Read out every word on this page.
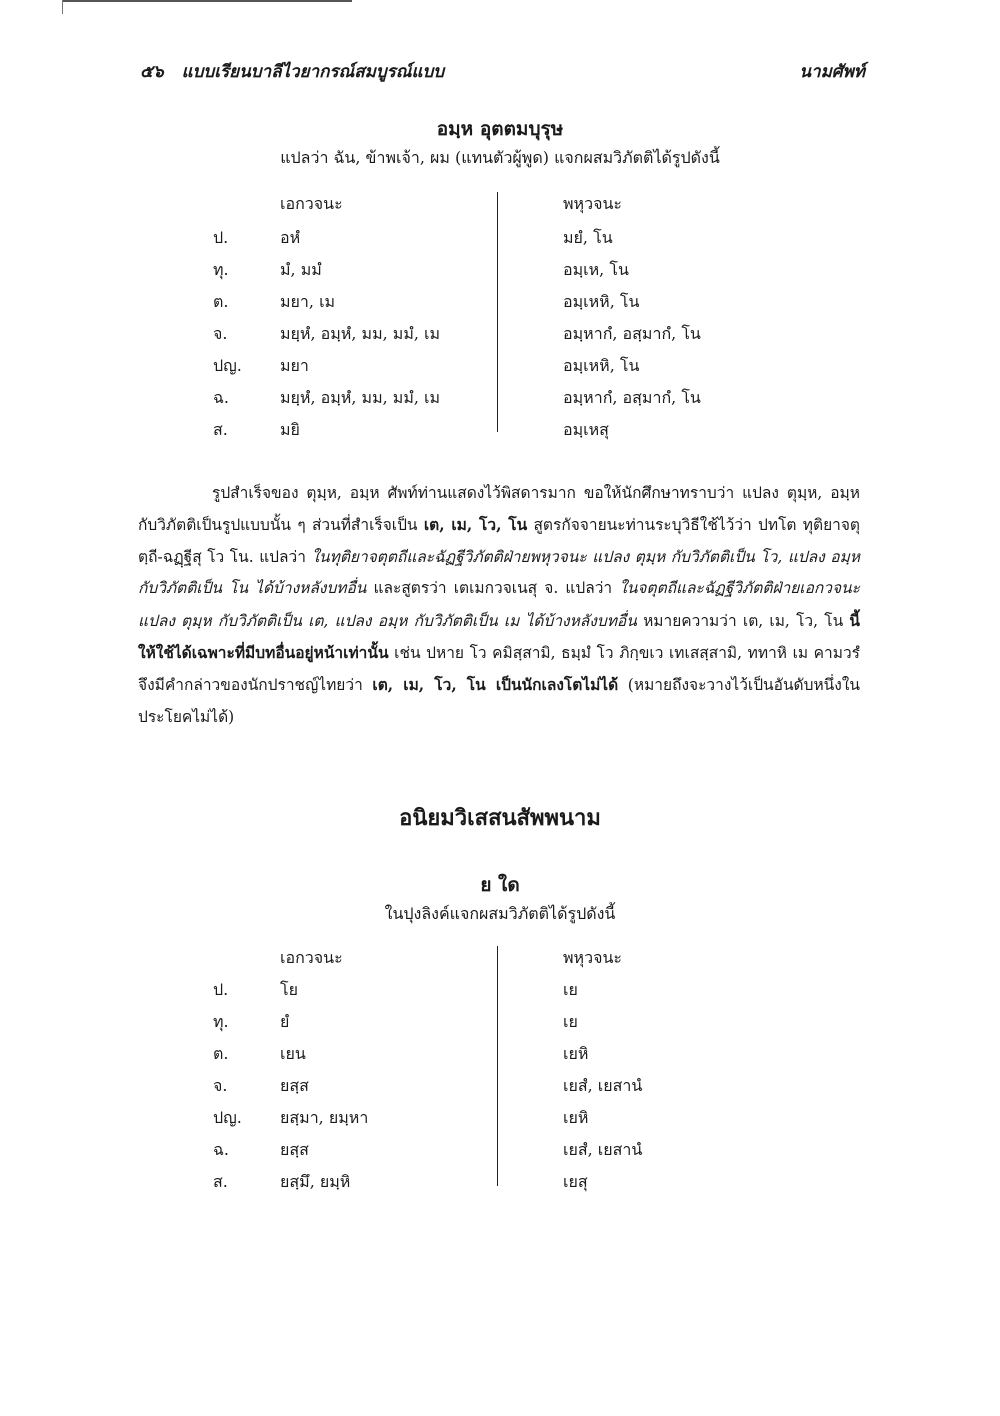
๕๖ แบบเรียนบาลีไวยากรณ์สมบูรณ์แบบ	นามศัพท์
อมฺห อุตตมบุรุษ
แปลว่า ฉัน, ข้าพเจ้า, ผม (แทนตัวผู้พูด) แจกผสมวิภัตติได้รูปดังนี้
เอกวจนะ	พหุวจนะ
ป.	อหํ	มยํ, โน
ทุ.	มํ, มมํ	อมฺเห, โน
ต.	มยา, เม	อมฺเหหิ, โน
จ.	มยฺหํ, อมฺหํ, มม, มมํ, เม	อมฺหากํ, อสฺมากํ, โน
ปญ. มยา	อมฺเหหิ, โน
ฉ.	มยฺหํ, อมฺหํ, มม, มมํ, เม	อมฺหากํ, อสฺมากํ, โน
ส.	มยิ	อมฺเหสุ
รูปสำเร็จของ ตุมฺห, อมฺห ศัพท์ท่านแสดงไว้พิสดารมาก ขอให้นักศึกษาทราบว่า แปลง ตุมฺห, อมฺห กับวิภัตติเป็นรูปแบบนั้น ๆ ส่วนที่สำเร็จเป็น เต, เม, โว, โน สูตรกัจจายนะท่านระบุวิธีใช้ไว้ว่า ปทโต ทุติยาจตุตฺถี-ฉฏฺฐีสุ โว โน. แปลว่า ในทุติยาจตุตถีและฉัฏฐีวิภัตติฝ่ายพหุวจนะ แปลง ตุมฺห กับวิภัตติเป็น โว, แปลง อมฺห กับวิภัตติเป็น โน ได้บ้างหลังบทอื่น และสูตรว่า เตเมกวจเนสุ จ. แปลว่า ในจตุตถีและฉัฏฐีวิภัตติฝ่ายเอกวจนะ แปลง ตุมฺห กับวิภัตติเป็น เต, แปลง อมฺห กับวิภัตติเป็น เม ได้บ้างหลังบทอื่น หมายความว่า เต, เม, โว, โน นี้ ให้ใช้ได้เฉพาะที่มีบทอื่นอยู่หน้าเท่านั้น เช่น ปหาย โว คมิสฺสามิ, ธมฺมํ โว ภิกฺขเว เทเสสฺสามิ, ททาหิ เม คามวรํ จึงมีคำกล่าวของนักปราชญ์ไทยว่า เต, เม, โว, โน เป็นนักเลงโตไม่ได้ (หมายถึงจะวางไว้เป็นอันดับหนึ่งในประโยคไม่ได้)
อนิยมวิเสสนสัพพนาม
ย ใด
ในปุงลิงค์แจกผสมวิภัตติได้รูปดังนี้
เอกวจนะ	พหุวจนะ
ป.	โย	เย
ทุ.	ยํ	เย
ต.	เยน	เยหิ
จ.	ยสฺส	เยสํ, เยสานํ
ปญ. ยสฺมา, ยมฺหา	เยหิ
ฉ.	ยสฺส	เยสํ, เยสานํ
ส.	ยสฺมึ, ยมฺหิ	เยสุ
